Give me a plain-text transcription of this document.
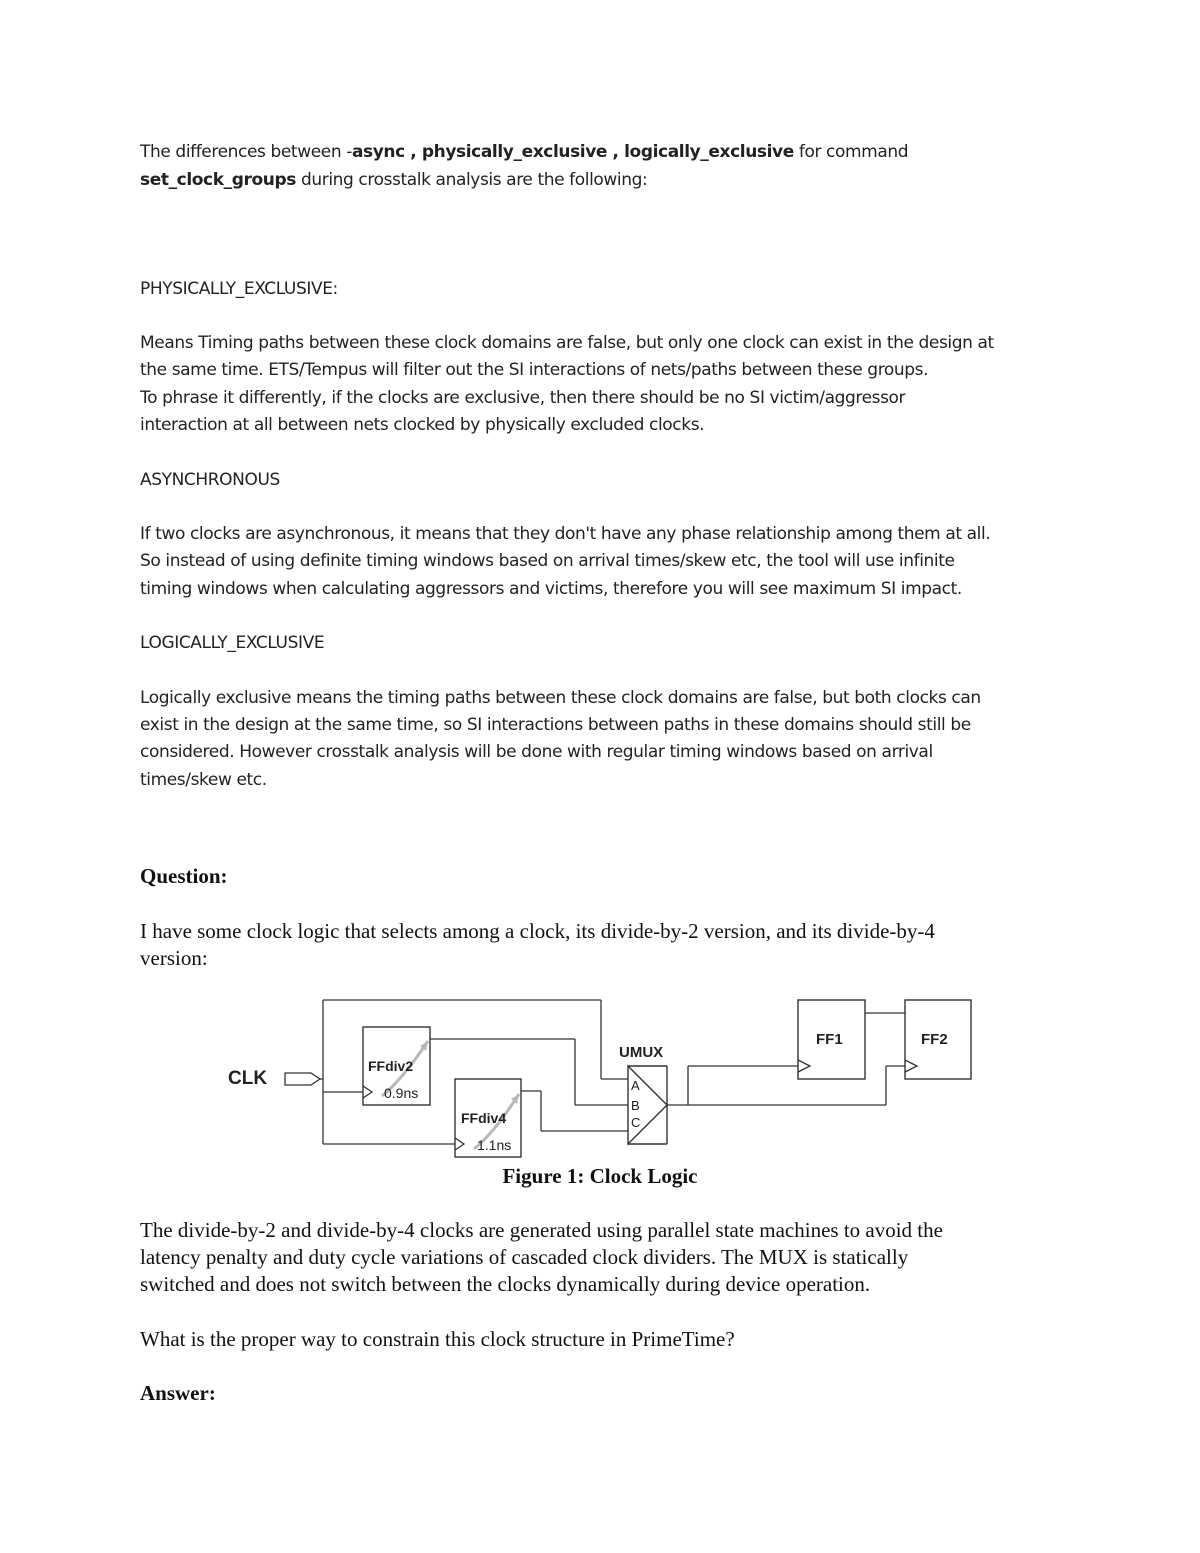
The differences between -async , physically_exclusive , logically_exclusive for command
set_clock_groups during crosstalk analysis are the following:
PHYSICALLY_EXCLUSIVE:
Means Timing paths between these clock domains are false, but only one clock can exist in the design at
the same time. ETS/Tempus will filter out the SI interactions of nets/paths between these groups.
To phrase it differently, if the clocks are exclusive, then there should be no SI victim/aggressor
interaction at all between nets clocked by physically excluded clocks.
ASYNCHRONOUS
If two clocks are asynchronous, it means that they don't have any phase relationship among them at all.
So instead of using definite timing windows based on arrival times/skew etc, the tool will use infinite
timing windows when calculating aggressors and victims, therefore you will see maximum SI impact.
LOGICALLY_EXCLUSIVE
Logically exclusive means the timing paths between these clock domains are false, but both clocks can
exist in the design at the same time, so SI interactions between paths in these domains should still be
considered. However crosstalk analysis will be done with regular timing windows based on arrival
times/skew etc.
Question:
I have some clock logic that selects among a clock, its divide-by-2 version, and its divide-by-4
version:
CLK
FFdiv2
0.9ns
FFdiv4
1.1ns
UMUX
A
B
C
FF1	FF2
Figure 1: Clock Logic
The divide-by-2 and divide-by-4 clocks are generated using parallel state machines to avoid the
latency penalty and duty cycle variations of cascaded clock dividers. The MUX is statically
switched and does not switch between the clocks dynamically during device operation.
What is the proper way to constrain this clock structure in PrimeTime?
Answer:
